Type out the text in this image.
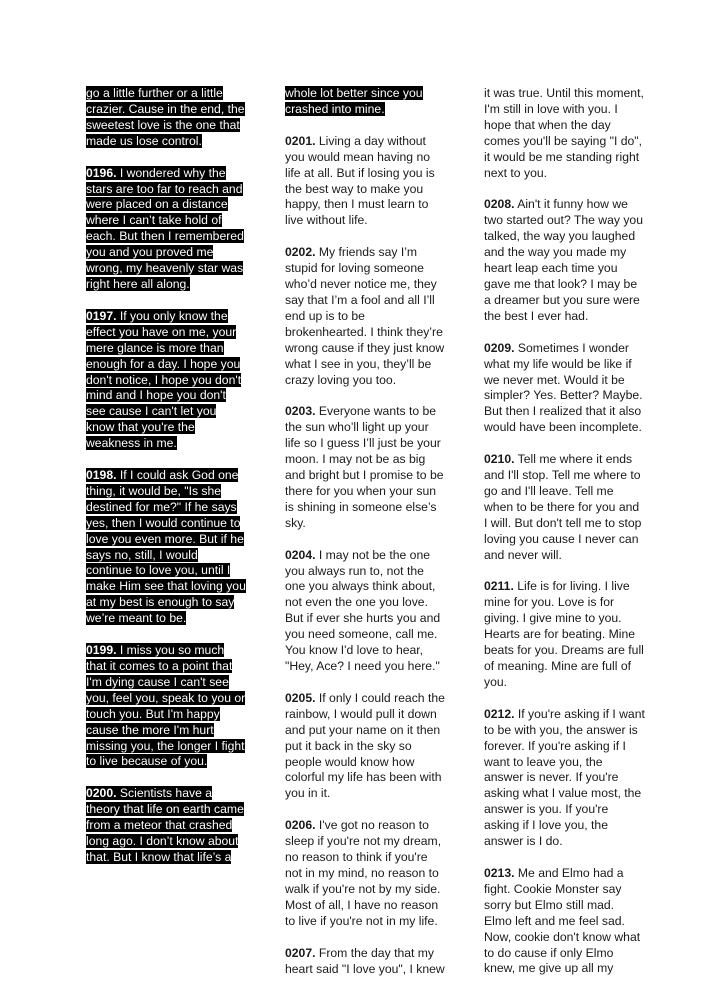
go a little further or a little
crazier. Cause in the end, the
sweetest love is the one that
made us lose control.
0196. I wondered why the
stars are too far to reach and
were placed on a distance
where I can’t take hold of
each. But then I remembered
you and you proved me
wrong, my heavenly star was
right here all along.
0197. If you only know the
effect you have on me, your
mere glance is more than
enough for a day. I hope you
don't notice, I hope you don't
mind and I hope you don't
see cause I can't let you
know that you're the
weakness in me.
0198. If I could ask God one
thing, it would be, "Is she
destined for me?" If he says
yes, then I would continue to
love you even more. But if he
says no, still, I would
continue to love you, until I
make Him see that loving you
at my best is enough to say
we’re meant to be.
0199. I miss you so much
that it comes to a point that
I'm dying cause I can't see
you, feel you, speak to you or
touch you. But I'm happy
cause the more I'm hurt
missing you, the longer I fight
to live because of you.
0200. Scientists have a
theory that life on earth came
from a meteor that crashed
long ago. I don’t know about
that. But I know that life’s a
whole lot better since you
crashed into mine.
0201. Living a day without
you would mean having no
life at all. But if losing you is
the best way to make you
happy, then I must learn to
live without life.
0202. My friends say I’m
stupid for loving someone
who’d never notice me, they
say that I’m a fool and all I’ll
end up is to be
brokenhearted. I think they’re
wrong cause if they just know
what I see in you, they’ll be
crazy loving you too.
0203. Everyone wants to be
the sun who’ll light up your
life so I guess I’ll just be your
moon. I may not be as big
and bright but I promise to be
there for you when your sun
is shining in someone else’s
sky.
0204. I may not be the one
you always run to, not the
one you always think about,
not even the one you love.
But if ever she hurts you and
you need someone, call me.
You know I'd love to hear,
"Hey, Ace? I need you here."
0205. If only I could reach the
rainbow, I would pull it down
and put your name on it then
put it back in the sky so
people would know how
colorful my life has been with
you in it.
0206. I've got no reason to
sleep if you're not my dream,
no reason to think if you're
not in my mind, no reason to
walk if you're not by my side.
Most of all, I have no reason
to live if you're not in my life.
0207. From the day that my
heart said "I love you", I knew
it was true. Until this moment,
I'm still in love with you. I
hope that when the day
comes you'll be saying "I do",
it would be me standing right
next to you.
0208. Ain't it funny how we
two started out? The way you
talked, the way you laughed
and the way you made my
heart leap each time you
gave me that look? I may be
a dreamer but you sure were
the best I ever had.
0209. Sometimes I wonder
what my life would be like if
we never met. Would it be
simpler? Yes. Better? Maybe.
But then I realized that it also
would have been incomplete.
0210. Tell me where it ends
and I'll stop. Tell me where to
go and I'll leave. Tell me
when to be there for you and
I will. But don't tell me to stop
loving you cause I never can
and never will.
0211. Life is for living. I live
mine for you. Love is for
giving. I give mine to you.
Hearts are for beating. Mine
beats for you. Dreams are full
of meaning. Mine are full of
you.
0212. If you're asking if I want
to be with you, the answer is
forever. If you're asking if I
want to leave you, the
answer is never. If you're
asking what I value most, the
answer is you. If you're
asking if I love you, the
answer is I do.
0213. Me and Elmo had a
fight. Cookie Monster say
sorry but Elmo still mad.
Elmo left and me feel sad.
Now, cookie don't know what
to do cause if only Elmo
knew, me give up all my
